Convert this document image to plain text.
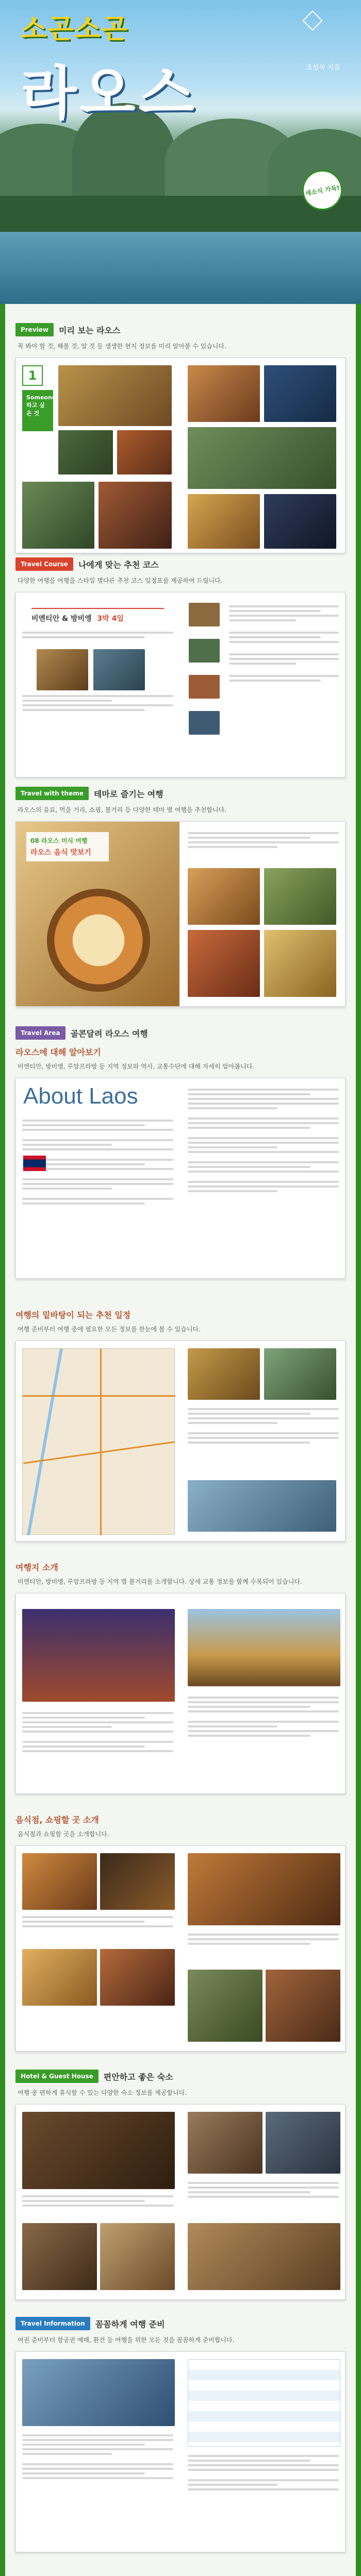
소곤소곤
라오스	조성목 지음
새소식 가득!
Preview	미리 보는 라오스
꼭 봐야 할 것, 해볼 것, 알 것 등 생생한 현지 정보를 미리 알아볼 수 있습니다.
1
Someone 하고 싶은 것
Travel Course	나에게 맞는 추천 코스
다양한 여행을 여행을 스타일 별다른 추천 코스 일정표를 제공하여 드립니다.
비엔티안 & 방비엥 3박 4일
Travel with theme	테마로 즐기는 여행
라오스의 음료, 먹을 거리, 쇼핑, 볼거리 등 다양한 테마 별 여행을 추천합니다.
08 라오스 미식 여행
라오스 음식 맛보기
Travel Area	골콘달려 라오스 여행
라오스에 대해 알아보기
비엔티안, 방비엥, 루앙프라방 등 지역 정보와 역사, 교통수단에 대해 자세히 알아봅니다.
About Laos
여행의 밑바탕이 되는 추천 일정
여행 준비부터 여행 중에 필요한 모든 정보를 한눈에 볼 수 있습니다.
여행지 소개
비엔티안, 방비엥, 루앙프라방 등 지역 별 볼거리를 소개합니다. 상세 교통 정보를 함께 수록되어 있습니다.
음식점, 쇼핑할 곳 소개
음식점과 쇼핑할 곳을 소개합니다.
Hotel & Guest House	편안하고 좋은 숙소
여행 중 편하게 휴식할 수 있는 다양한 숙소 정보를 제공합니다.
Travel Information	꼼꼼하게 여행 준비
여권 준비부터 항공권 예매, 환전 등 여행을 위한 모든 것을 꼼꼼하게 준비합니다.
